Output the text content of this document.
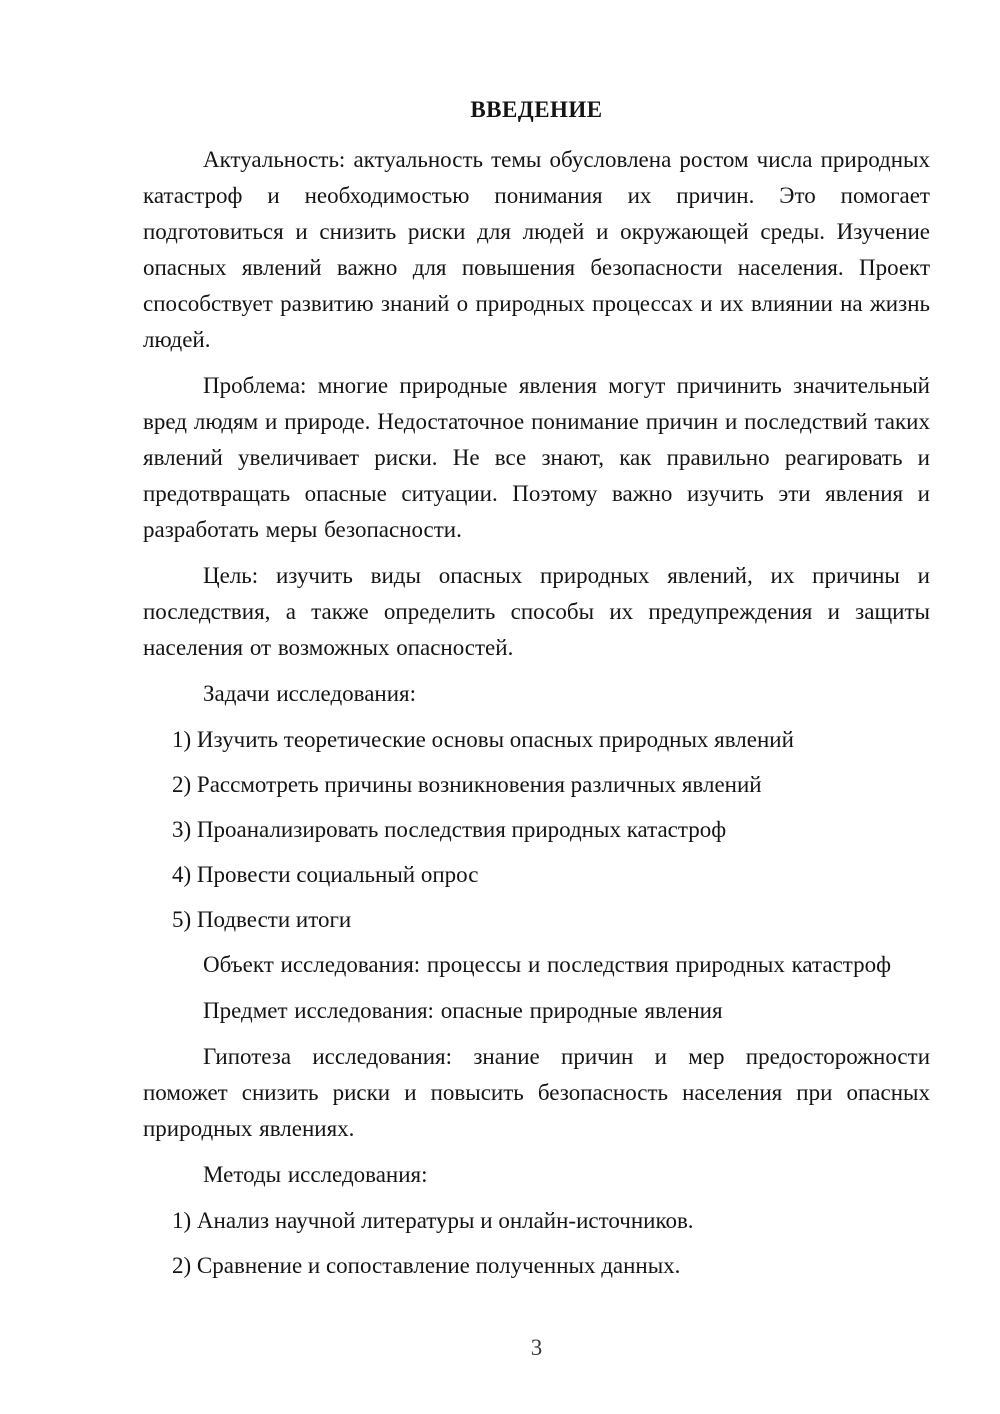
ВВЕДЕНИЕ

Актуальность: актуальность темы обусловлена ростом числа природных катастроф и необходимостью понимания их причин. Это помогает подготовиться и снизить риски для людей и окружающей среды. Изучение опасных явлений важно для повышения безопасности населения. Проект способствует развитию знаний о природных процессах и их влиянии на жизнь людей.

Проблема: многие природные явления могут причинить значительный вред людям и природе. Недостаточное понимание причин и последствий таких явлений увеличивает риски. Не все знают, как правильно реагировать и предотвращать опасные ситуации. Поэтому важно изучить эти явления и разработать меры безопасности.

Цель: изучить виды опасных природных явлений, их причины и последствия, а также определить способы их предупреждения и защиты населения от возможных опасностей.

Задачи исследования:

1) Изучить теоретические основы опасных природных явлений
2) Рассмотреть причины возникновения различных явлений
3) Проанализировать последствия природных катастроф
4) Провести социальный опрос
5) Подвести итоги

Объект исследования: процессы и последствия природных катастроф

Предмет исследования: опасные природные явления

Гипотеза исследования: знание причин и мер предосторожности поможет снизить риски и повысить безопасность населения при опасных природных явлениях.

Методы исследования:

1) Анализ научной литературы и онлайн-источников.
2) Сравнение и сопоставление полученных данных.
3
